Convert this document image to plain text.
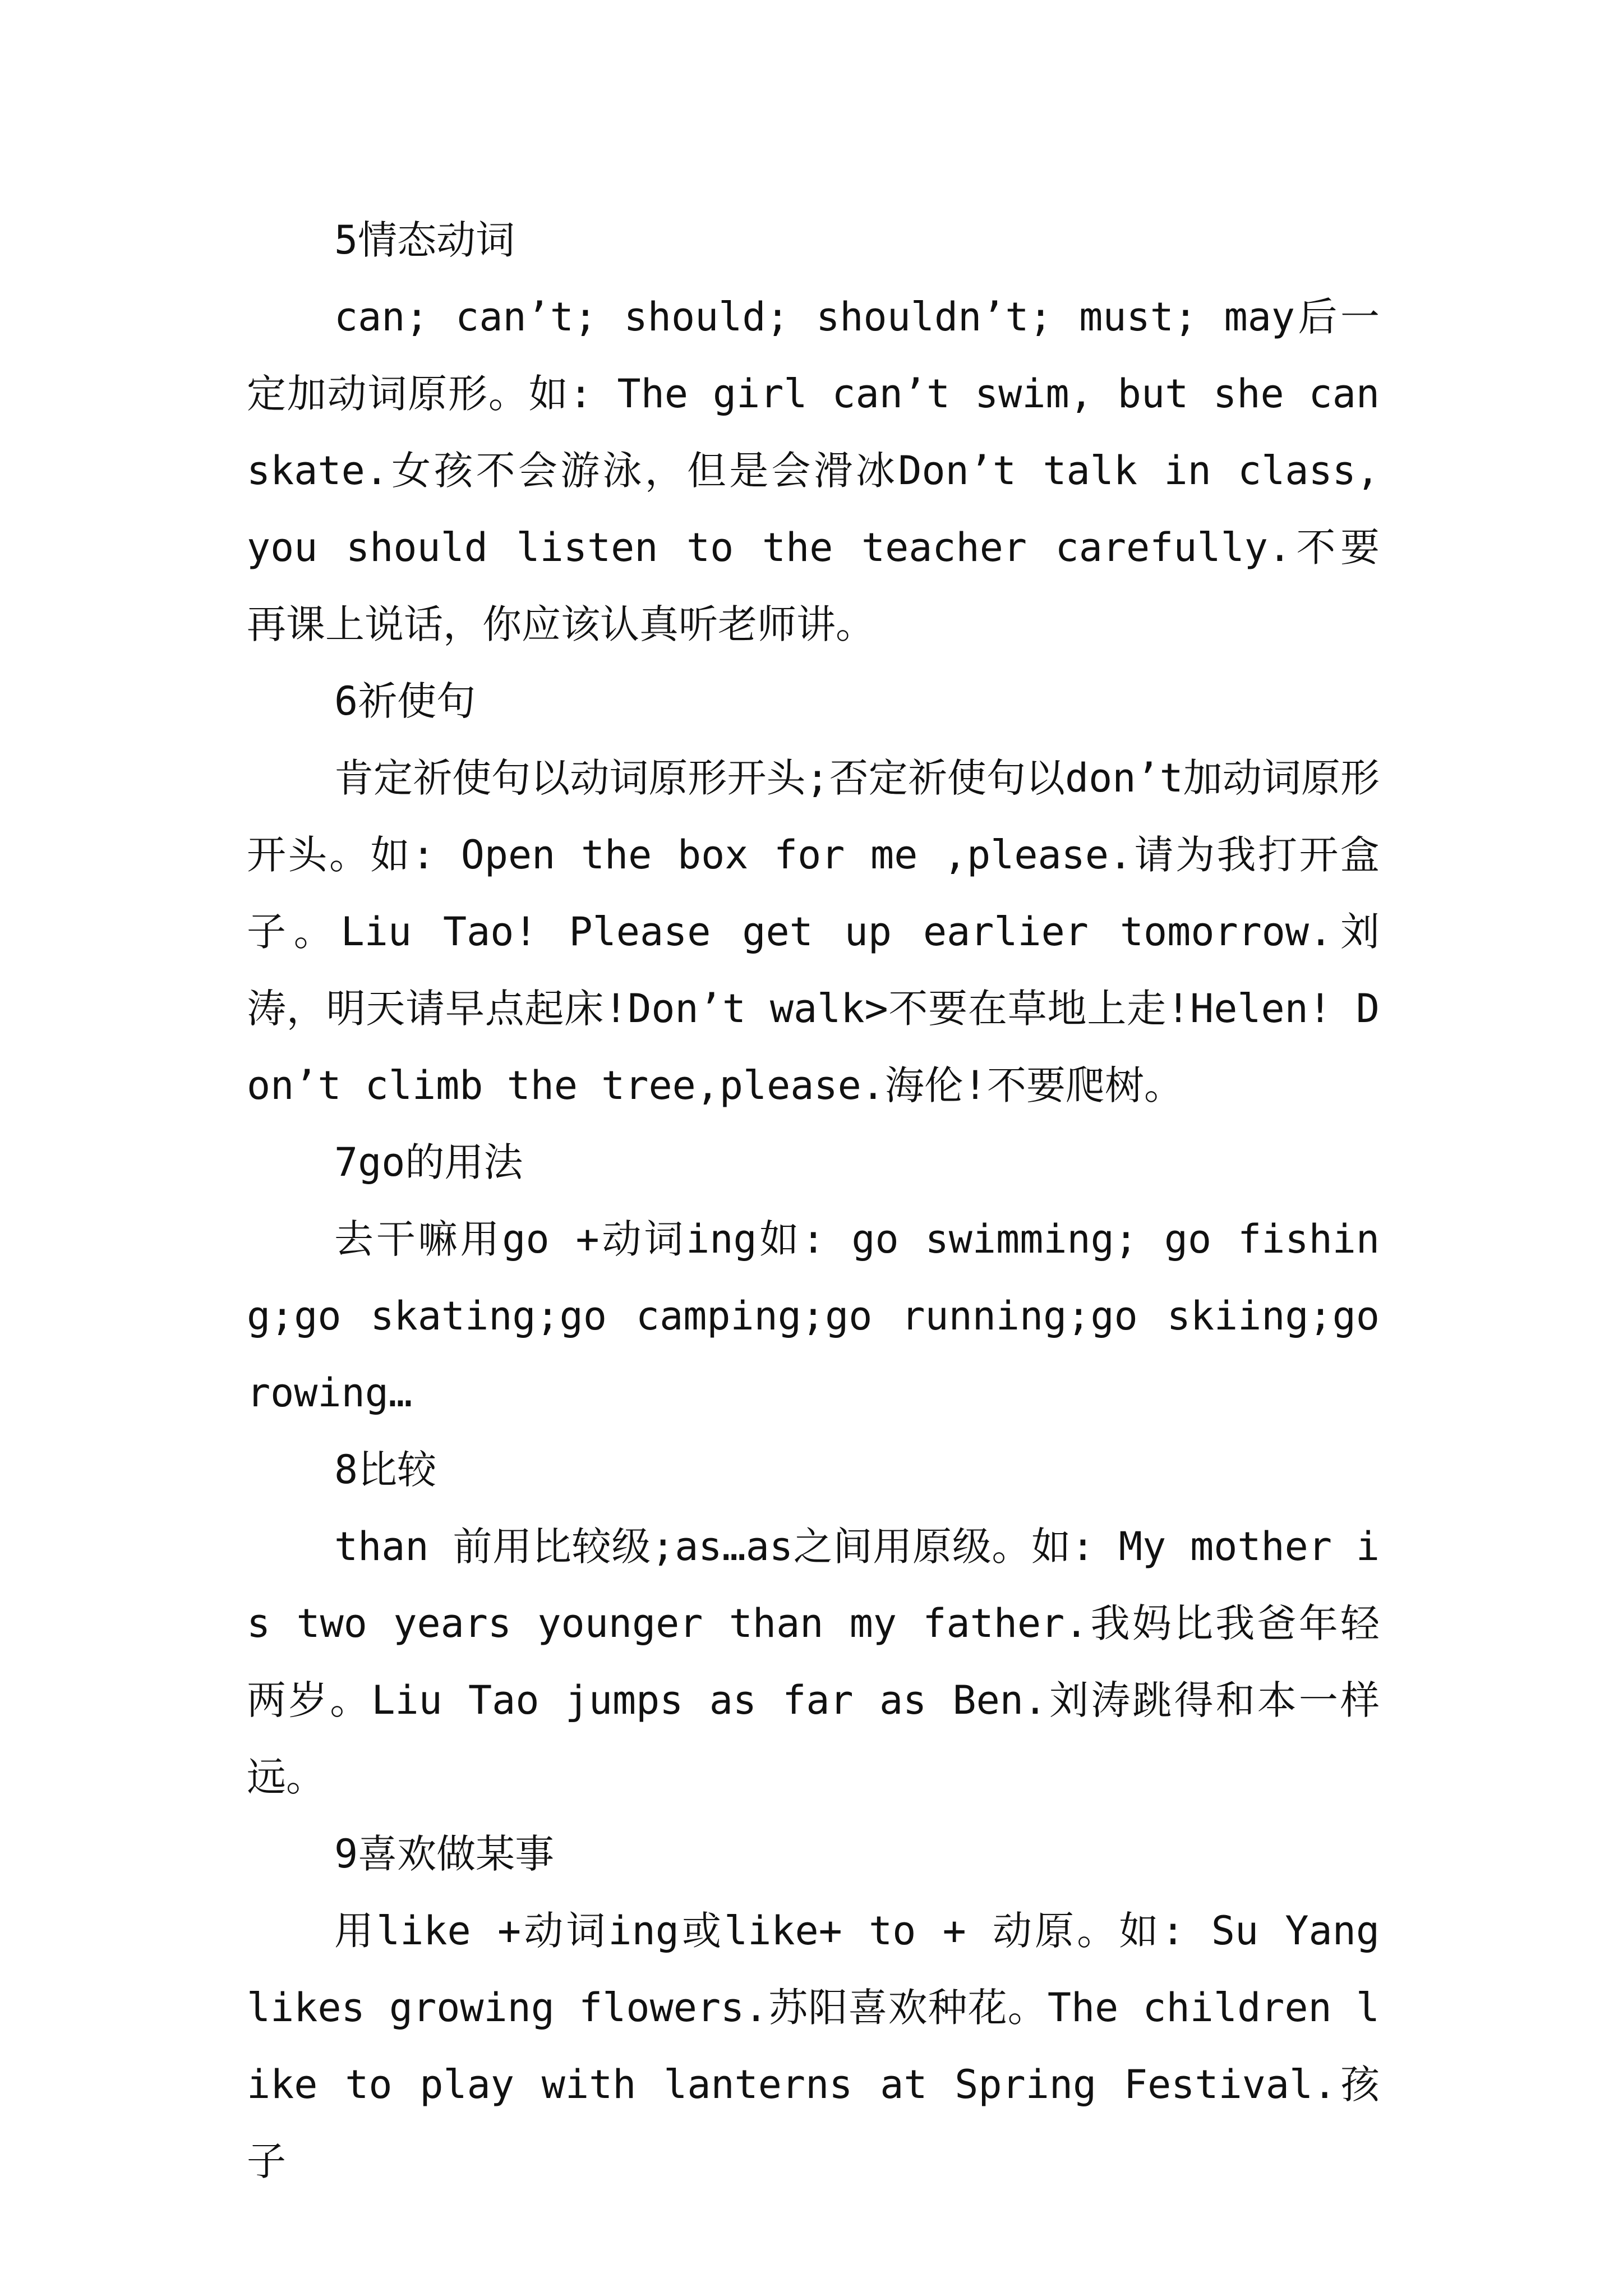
5情态动词

can; can’t; should; shouldn’t; must; may后一定加动词原形。如: The girl can’t swim, but she can skate.女孩不会游泳，但是会滑冰Don’t talk in class, you should listen to the teacher carefully.不要再课上说话，你应该认真听老师讲。

6祈使句

肯定祈使句以动词原形开头;否定祈使句以don’t加动词原形开头。如: Open the box for me ,please.请为我打开盒子。Liu Tao! Please get up earlier tomorrow.刘涛，明天请早点起床!Don’t walk>不要在草地上走!Helen! Don’t climb the tree,please.海伦!不要爬树。

7go的用法

去干嘛用go +动词ing如: go swimming; go fishing;go skating;go camping;go running;go skiing;go rowing…

8比较

than 前用比较级;as…as之间用原级。如: My mother is two years younger than my father.我妈比我爸年轻两岁。Liu Tao jumps as far as Ben.刘涛跳得和本一样远。

9喜欢做某事

用like +动词ing或like+ to + 动原。如: Su Yang likes growing flowers.苏阳喜欢种花。The children like to play with lanterns at Spring Festival.孩子
